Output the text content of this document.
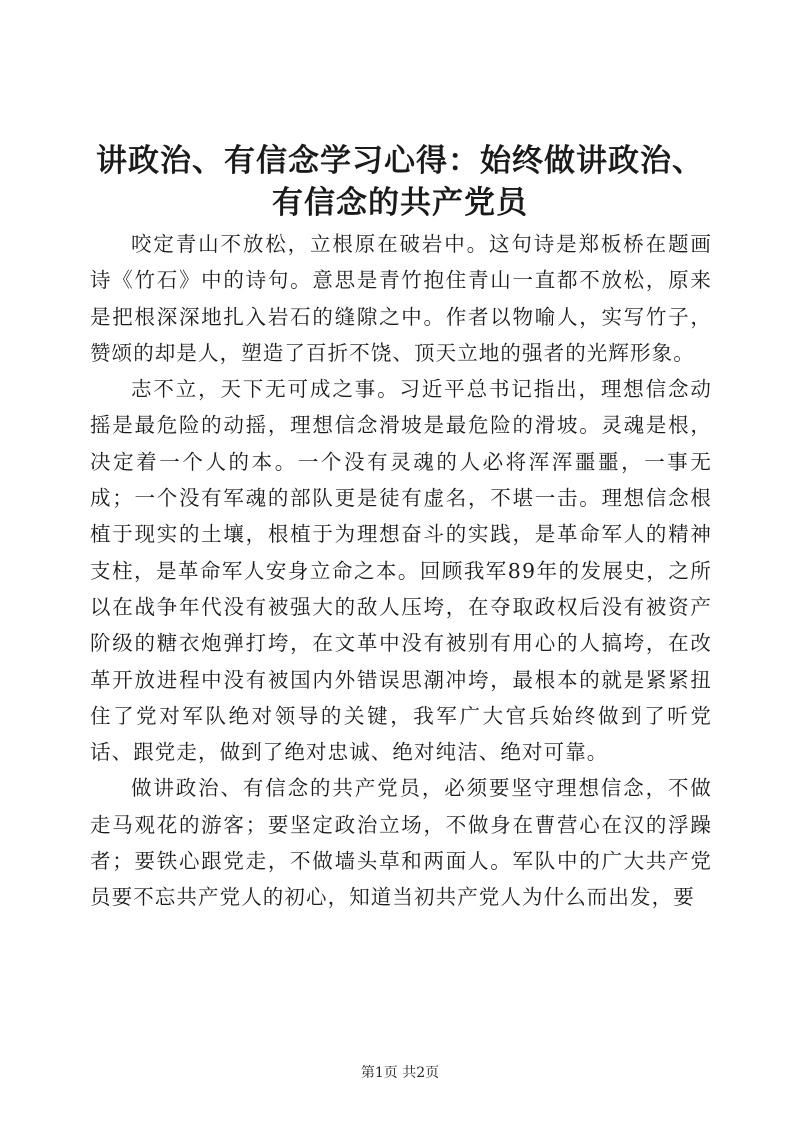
讲政治、有信念学习心得：始终做讲政治、有信念的共产党员

咬定青山不放松，立根原在破岩中。这句诗是郑板桥在题画诗《竹石》中的诗句。意思是青竹抱住青山一直都不放松，原来是把根深深地扎入岩石的缝隙之中。作者以物喻人，实写竹子，赞颂的却是人，塑造了百折不饶、顶天立地的强者的光辉形象。

志不立，天下无可成之事。习近平总书记指出，理想信念动摇是最危险的动摇，理想信念滑坡是最危险的滑坡。灵魂是根，决定着一个人的本。一个没有灵魂的人必将浑浑噩噩，一事无成；一个没有军魂的部队更是徒有虚名，不堪一击。理想信念根植于现实的土壤，根植于为理想奋斗的实践，是革命军人的精神支柱，是革命军人安身立命之本。回顾我军89年的发展史，之所以在战争年代没有被强大的敌人压垮，在夺取政权后没有被资产阶级的糖衣炮弹打垮，在文革中没有被别有用心的人搞垮，在改革开放进程中没有被国内外错误思潮冲垮，最根本的就是紧紧扭住了党对军队绝对领导的关键，我军广大官兵始终做到了听党话、跟党走，做到了绝对忠诚、绝对纯洁、绝对可靠。

做讲政治、有信念的共产党员，必须要坚守理想信念，不做走马观花的游客；要坚定政治立场，不做身在曹营心在汉的浮躁者；要铁心跟党走，不做墙头草和两面人。军队中的广大共产党员要不忘共产党人的初心，知道当初共产党人为什么而出发，要

第1页 共2页
